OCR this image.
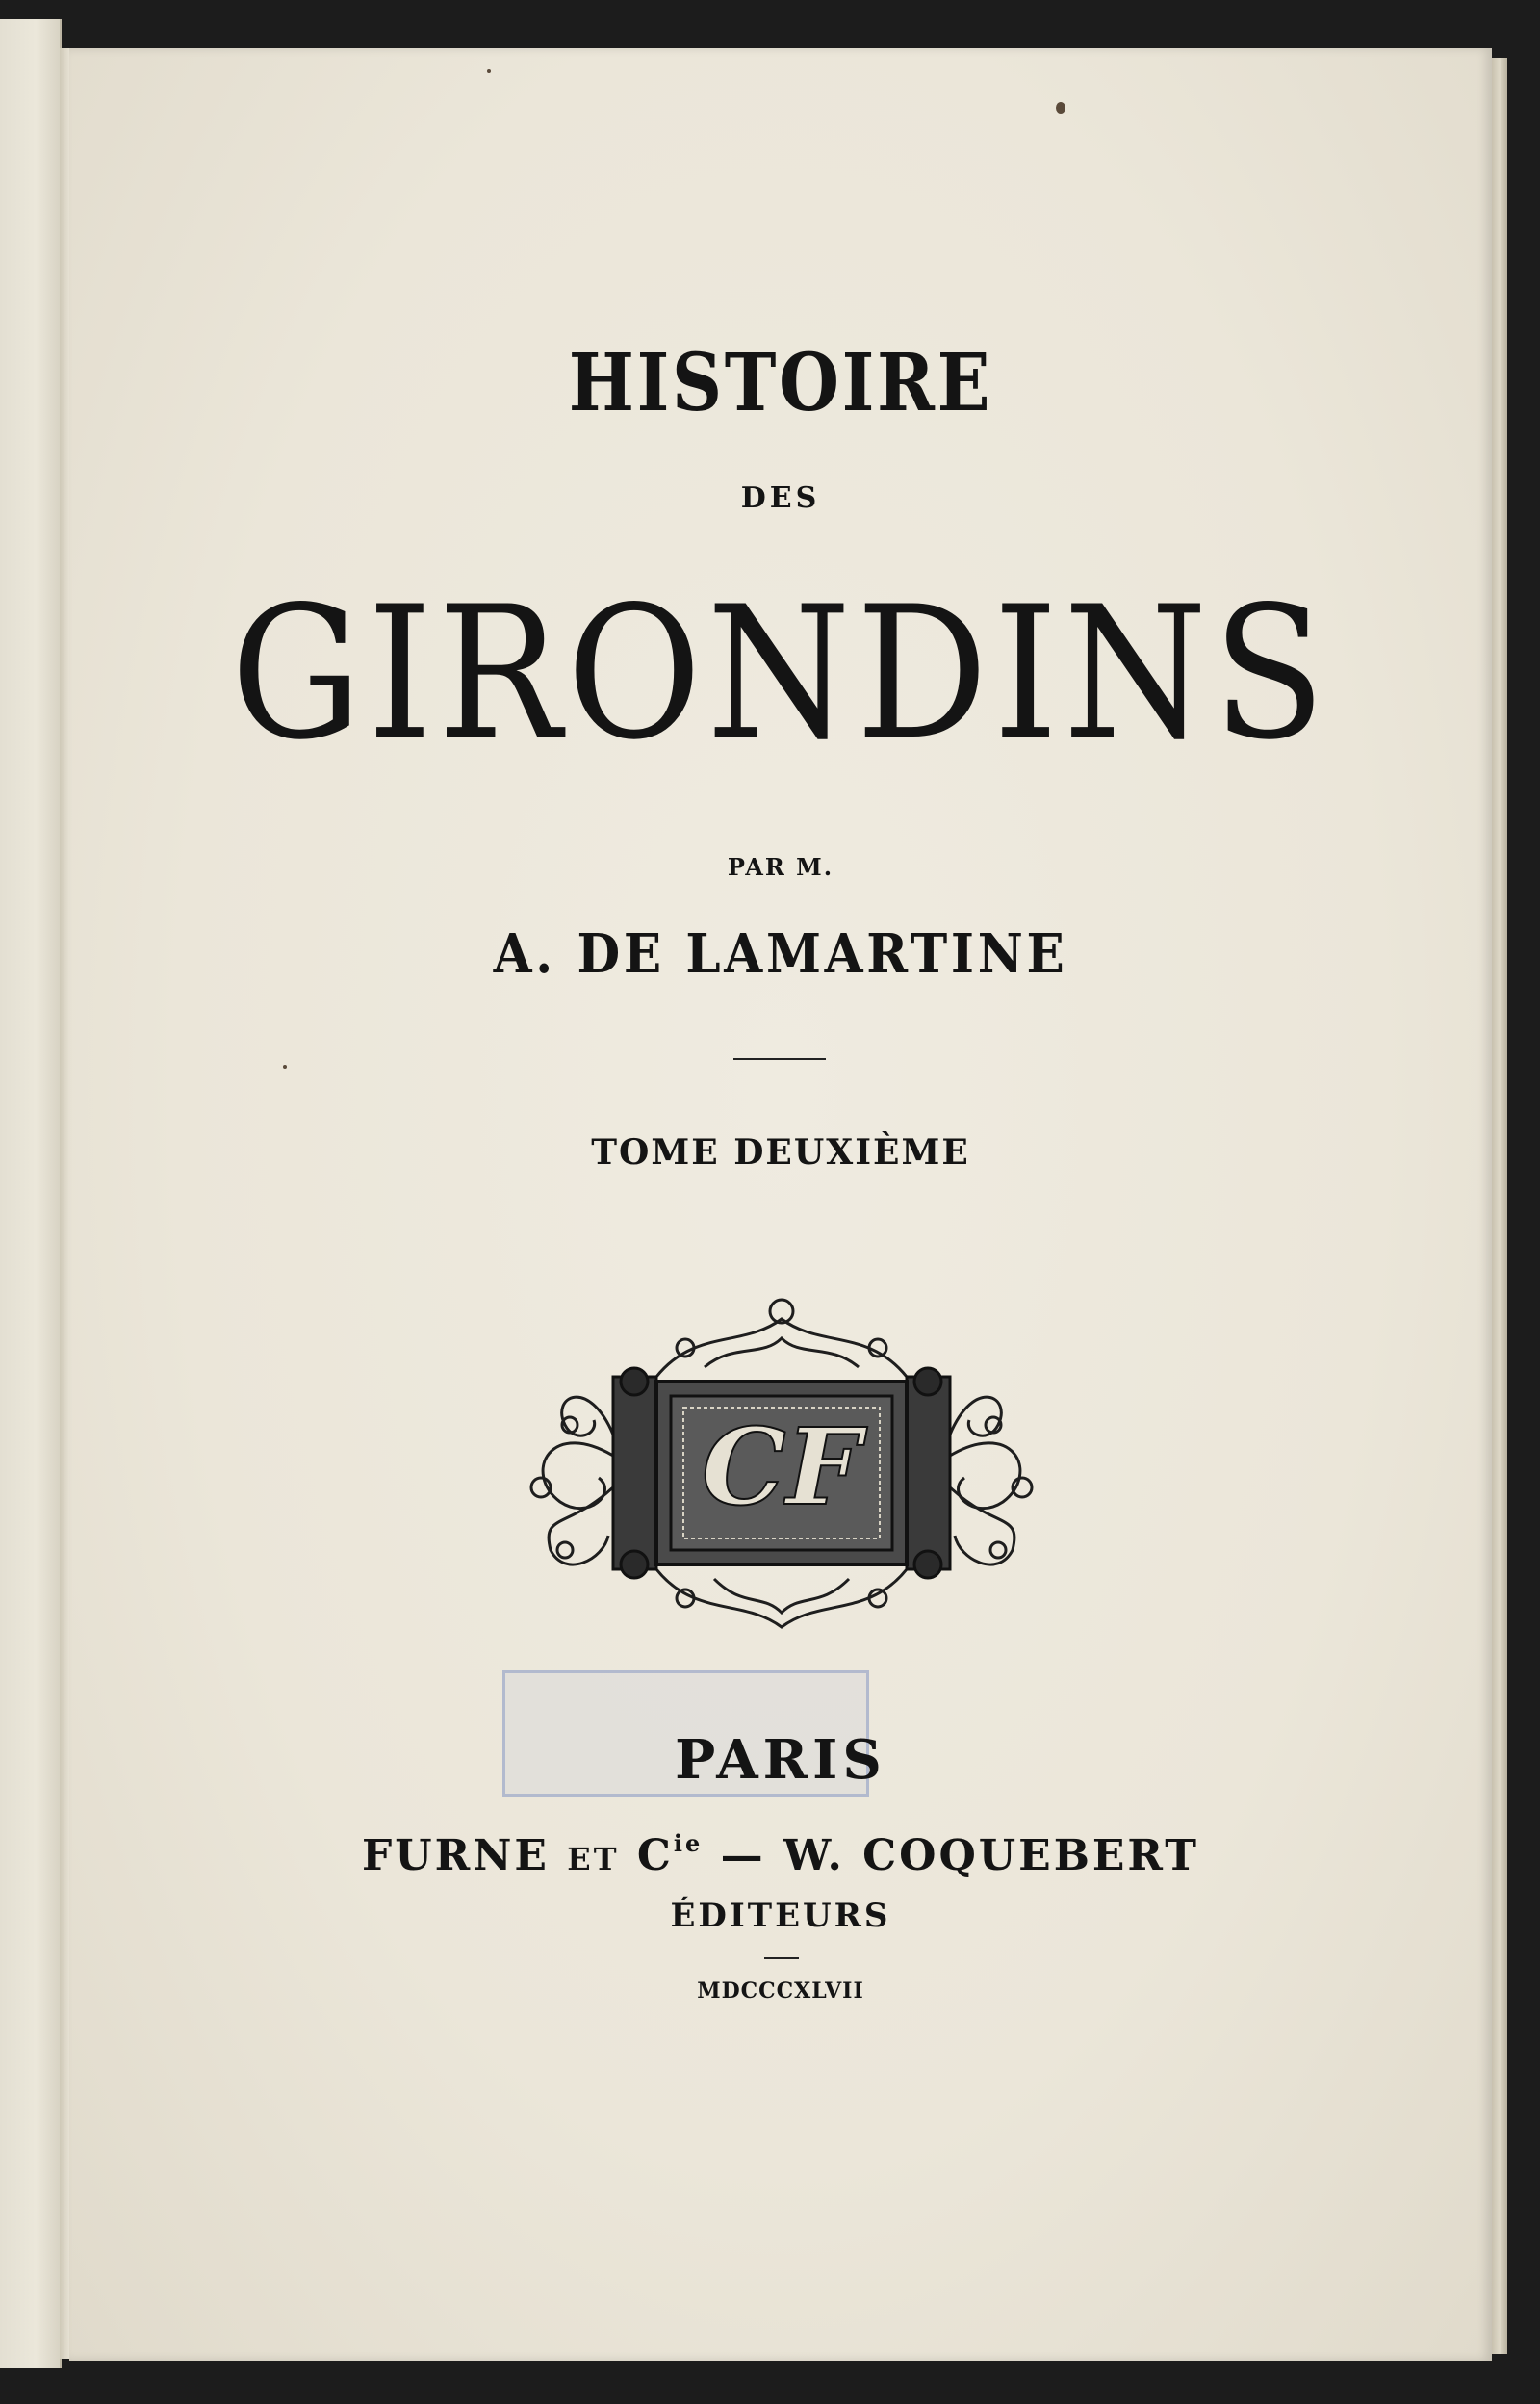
HISTOIRE
DES
GIRONDINS
PAR M.
A. DE LAMARTINE
TOME DEUXIÈME
CF
PARIS
FURNE ET $C^{ie}$ — W. COQUEBERT
ÉDITEURS
MDCCCXLVII
